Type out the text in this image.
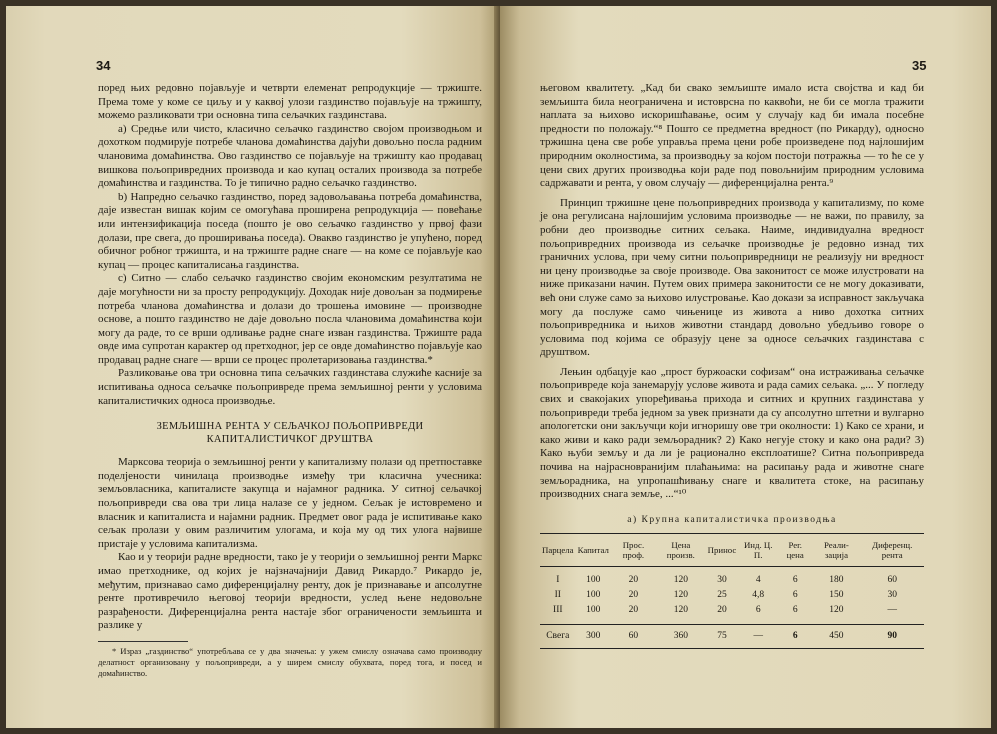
34

поред њих редовно појављује и четврти елеменат репродукције — тржиште. Према томе у коме се циљу и у каквој улози газдинство појављује на тржишту, можемо разликовати три основна типа сељачких газдинстава.

а) Средње или чисто, класично сељачко газдинство својом производњом и дохотком подмирује потребе чланова домаћинства дајући довољно посла радним члановима домаћинства. Ово газдинство се појављује на тржишту као продавац вишкова пољопривредних производа и као купац осталих производа за потребе домаћинства и газдинства. То је типично радно сељачко газдинство.

b) Напредно сељачко газдинство, поред задовољавања потреба домаћинства, даје известан вишак којим се омогућава проширена репродукција — повећање или интензификација поседа (пошто је ово сељачко газдинство у првој фази долази, пре свега, до проширивања поседа). Овакво газдинство је упућено, поред обичног робног тржишта, и на тржиште радне снаге — на коме се појављује као купац — процес капиталисања газдинства.

c) Ситно — слабо сељачко газдинство својим економским резултатима не даје могућности ни за просту репродукцију. Доходак није довољан за подмирење потреба чланова домаћинства и долази до трошења имовине — производне основе, а пошто газдинство не даје довољно посла члановима домаћинства који могу да раде, то се врши одливање радне снаге изван газдинства. Тржиште рада овде има супротан карактер од претходног, јер се овде домаћинство појављује као продавац радне снаге — врши се процес пролетаризовања газдинства.*

Разликовање ова три основна типа сељачких газдинстава служиће касније за испитивања односа сељачке пољопривреде према земљишној ренти у условима капиталистичких односа производње.

ЗЕМЉИШНА РЕНТА У СЕЉАЧКОЈ ПОЉОПРИВРЕДИ
КАПИТАЛИСТИЧКОГ ДРУШТВА

Марксова теорија о земљишној ренти у капитализму полази од претпоставке поделјености чинилаца производње између три класична учесника: земљовласника, капиталисте закупца и најамног радника. У ситној сељачкој пољопривреди сва ова три лица налазе се у једном. Сељак је истовремено и власник и капиталиста и најамни радник. Предмет овог рада је испитивање како сељак пролази у овим различитим улогама, и која му од тих улога највише пристаје у условима капитализма.

Као и у теорији радне вредности, тако је у теорији о земљишној ренти Маркс имао претходнике, од којих је најзначајнији Давид Рикардо.⁷ Рикардо је, међутим, признавао само диференцијалну ренту, док је признавање и апсолутне ренте противречило његовој теорији вредности, услед њене недовољне разрађености. Диференцијална рента настаје због ограничености земљишта и разлике у

* Израз „газдинство“ употребљава се у два значења: у ужем смислу означава само производну делатност организовану у пољопривреди, а у ширем смислу обухвата, поред тога, и посед и домаћинство.
35

његовом квалитету. „Кад би свако земљиште имало иста својства и кад би земљишта била неограничена и истоврсна по каквоћи, не би се могла тражити наплата за њихово искоришћавање, осим у случају кад би имала посебне предности по положају.“⁸ Пошто се предметна вредност (по Рикарду), односно тржишна цена све робе управља према цени робе произведене под најлошијим природним околностима, за производњу за којом постоји потражња — то ће се у цени свих других производња који раде под повољнијим природним условима садржавати и рента, у овом случају — диференцијална рента.⁹

Принцип тржишне цене пољопривредних производа у капитализму, по коме је она регулисана најлошијим условима производње — не важи, по правилу, за робни део производње ситних сељака. Наиме, индивидуална вредност пољопривредних производа из сељачке производње је редовно изнад тих граничних услова, при чему ситни пољопривредници не реализују ни вредност ни цену производње за своје производе. Ова законитост се може илустровати на ниже приказани начин. Путем ових примера законитости се не могу доказивати, већ они служе само за њихово илустровање. Као докази за исправност закључака могу да послуже само чињенице из живота а ниво дохотка ситних пољопривредника и њихов животни стандард довољно убедљиво говоре о условима под којима се образују цене за односе сељачких газдинстава с друштвом.

Лењин одбацује као „прост буржоаски софизам“ она истраживања сељачке пољопривреде која занемарују услове живота и рада самих сељака. „... У погледу свих и свакојаких упоређивања прихода и ситних и крупних газдинстава у пољопривреди треба једном за увек признати да су апсолутно штетни и вулгарно апологетски они закључци који игноришу ове три околности: 1) Како се храни, и како живи и како ради земљорадник? 2) Како негује стоку и како она ради? 3) Како њуби земљу и да ли је рационално експлоатише? Ситна пољопривреда почива на најрасновранијим плаћањима: на расипању рада и животне снаге земљорадника, на упропашћивању снаге и квалитета стоке, на расипању производних снага земље, ...“¹⁰

а) Крупна капиталистичка производња
Парцела	Капитал	Прос. проф.	Цена произв.	Принос	Инд. Ц. П.	Рег. цена	Реали-зација	Диференц. рента

I	100	20	120	30	4	6	180	60
II	100	20	120	25	4,8	6	150	30
III	100	20	120	20	6	6	120	—

Свега	300	60	360	75	—	6	450	90
